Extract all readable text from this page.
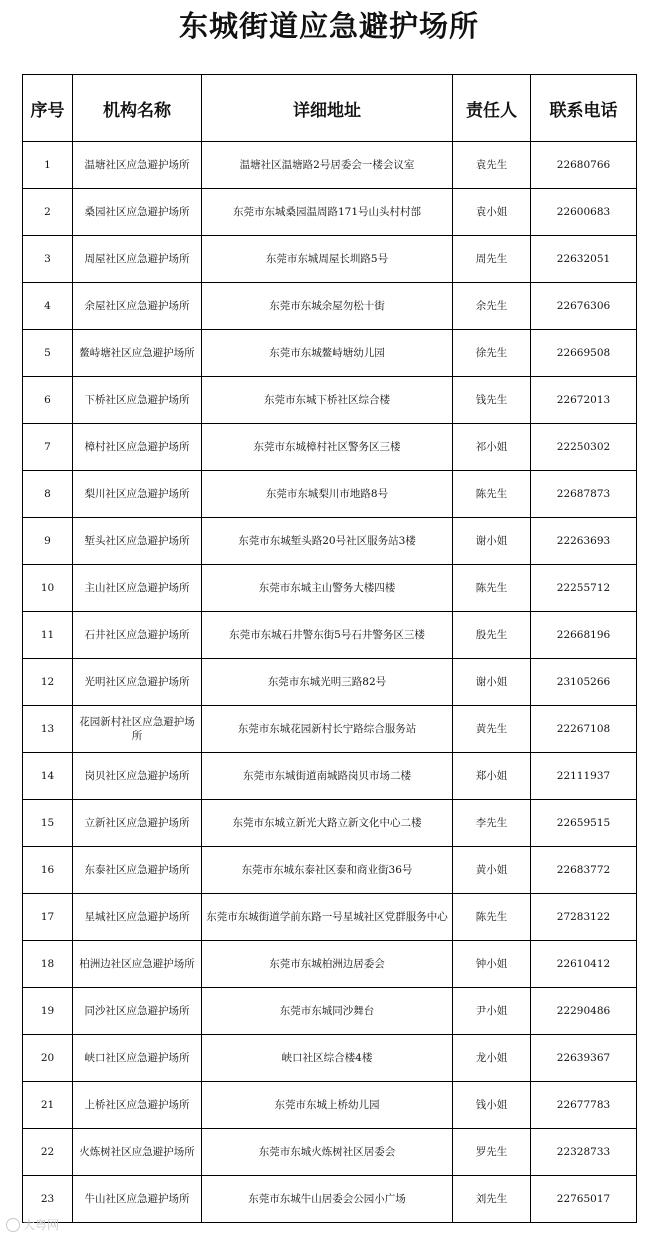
东城街道应急避护场所
序号	机构名称	详细地址	责任人	联系电话
1	温塘社区应急避护场所	温塘社区温塘路2号居委会一楼会议室	袁先生	22680766
2	桑园社区应急避护场所	东莞市东城桑园温周路171号山头村村部	袁小姐	22600683
3	周屋社区应急避护场所	东莞市东城周屋长圳路5号	周先生	22632051
4	余屋社区应急避护场所	东莞市东城余屋勿松十街	余先生	22676306
5	鳌峙塘社区应急避护场所	东莞市东城鳌峙塘幼儿园	徐先生	22669508
6	下桥社区应急避护场所	东莞市东城下桥社区综合楼	钱先生	22672013
7	樟村社区应急避护场所	东莞市东城樟村社区警务区三楼	祁小姐	22250302
8	梨川社区应急避护场所	东莞市东城梨川市地路8号	陈先生	22687873
9	堑头社区应急避护场所	东莞市东城堑头路20号社区服务站3楼	谢小姐	22263693
10	主山社区应急避护场所	东莞市东城主山警务大楼四楼	陈先生	22255712
11	石井社区应急避护场所	东莞市东城石井警东街5号石井警务区三楼	殷先生	22668196
12	光明社区应急避护场所	东莞市东城光明三路82号	谢小姐	23105266
13	花园新村社区应急避护场所	东莞市东城花园新村长宁路综合服务站	黄先生	22267108
14	岗贝社区应急避护场所	东莞市东城街道南城路岗贝市场二楼	郑小姐	22111937
15	立新社区应急避护场所	东莞市东城立新光大路立新文化中心二楼	李先生	22659515
16	东泰社区应急避护场所	东莞市东城东泰社区泰和商业街36号	黄小姐	22683772
17	星城社区应急避护场所	东莞市东城街道学前东路一号星城社区党群服务中心	陈先生	27283122
18	柏洲边社区应急避护场所	东莞市东城柏洲边居委会	钟小姐	22610412
19	同沙社区应急避护场所	东莞市东城同沙舞台	尹小姐	22290486
20	峡口社区应急避护场所	峡口社区综合楼4楼	龙小姐	22639367
21	上桥社区应急避护场所	东莞市东城上桥幼儿园	钱小姐	22677783
22	火炼树社区应急避护场所	东莞市东城火炼树社区居委会	罗先生	22328733
23	牛山社区应急避护场所	东莞市东城牛山居委会公园小广场	刘先生	22765017
大粤网
